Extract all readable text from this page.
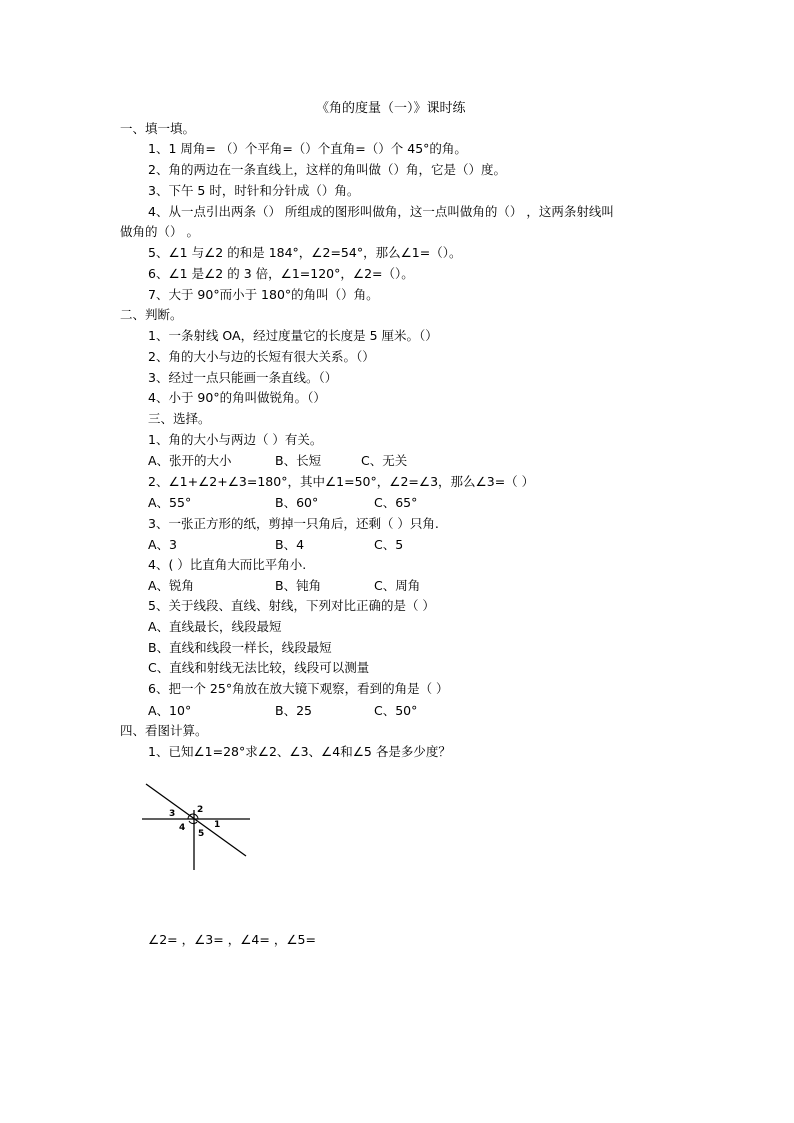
《角的度量（一）》课时练
一、填一填。
1、1 周角= （）个平角=（）个直角=（）个 45°的角。
2、角的两边在一条直线上，这样的角叫做（）角，它是（）度。
3、下午 5 时，时针和分针成（）角。
4、从一点引出两条（） 所组成的图形叫做角，这一点叫做角的（） ，这两条射线叫
做角的（） 。
5、∠1 与∠2 的和是 184°，∠2=54°，那么∠1=（）。
6、∠1 是∠2 的 3 倍，∠1=120°，∠2=（）。
7、大于 90°而小于 180°的角叫（）角。
二、判断。
1、一条射线 OA，经过度量它的长度是 5 厘米。（）
2、角的大小与边的长短有很大关系。（）
3、经过一点只能画一条直线。（）
4、小于 90°的角叫做锐角。（）
三、选择。
1、角的大小与两边（ ）有关。
A、张开的大小	B、长短	C、无关
2、∠1+∠2+∠3=180°，其中∠1=50°，∠2=∠3，那么∠3=（ ）
A、55°	B、60°	C、65°
3、一张正方形的纸，剪掉一只角后，还剩（ ）只角.
A、3	B、4	C、5
4、( ）比直角大而比平角小.
A、锐角	B、钝角	C、周角
5、关于线段、直线、射线，下列对比正确的是（ ）
A、直线最长，线段最短
B、直线和线段一样长，线段最短
C、直线和射线无法比较，线段可以测量
6、把一个 25°角放在放大镜下观察，看到的角是（ ）
A、10°	B、25	C、50°
四、看图计算。
1、已知∠1=28°求∠2、∠3、∠4和∠5 各是多少度？
2
3
4	1
5
∠2= ，∠3= ，∠4= ，∠5=
